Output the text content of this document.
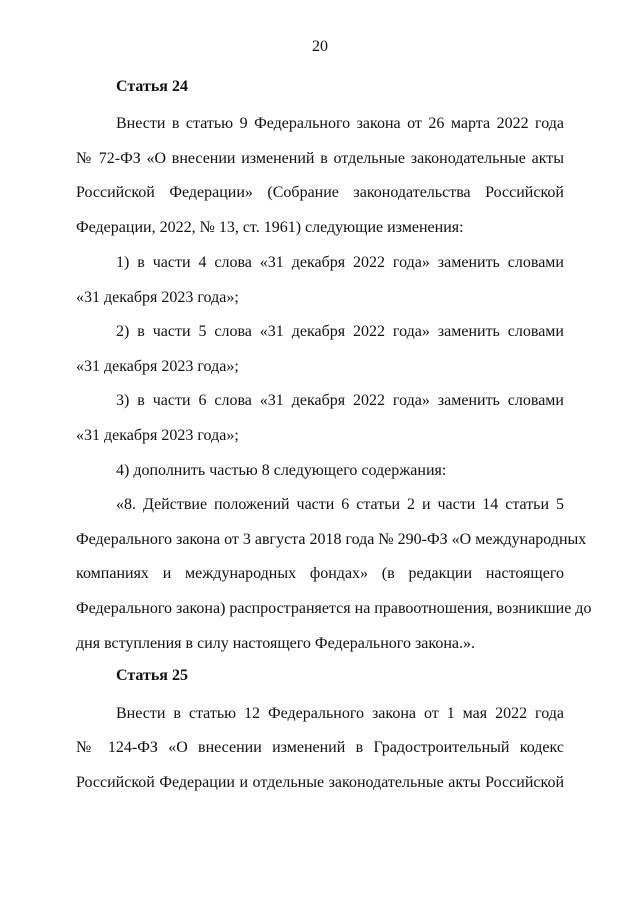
20
Статья 24
Внести в статью 9 Федерального закона от 26 марта 2022 года
№ 72-ФЗ «О внесении изменений в отдельные законодательные акты
Российской Федерации» (Собрание законодательства Российской
Федерации, 2022, № 13, ст. 1961) следующие изменения:
1) в части 4 слова «31 декабря 2022 года» заменить словами
«31 декабря 2023 года»;
2) в части 5 слова «31 декабря 2022 года» заменить словами
«31 декабря 2023 года»;
3) в части 6 слова «31 декабря 2022 года» заменить словами
«31 декабря 2023 года»;
4) дополнить частью 8 следующего содержания:
«8. Действие положений части 6 статьи 2 и части 14 статьи 5
Федерального закона от 3 августа 2018 года № 290-ФЗ «О международных
компаниях и международных фондах» (в редакции настоящего
Федерального закона) распространяется на правоотношения, возникшие до
дня вступления в силу настоящего Федерального закона.».
Статья 25
Внести в статью 12 Федерального закона от 1 мая 2022 года
№ 124-ФЗ «О внесении изменений в Градостроительный кодекс
Российской Федерации и отдельные законодательные акты Российской
